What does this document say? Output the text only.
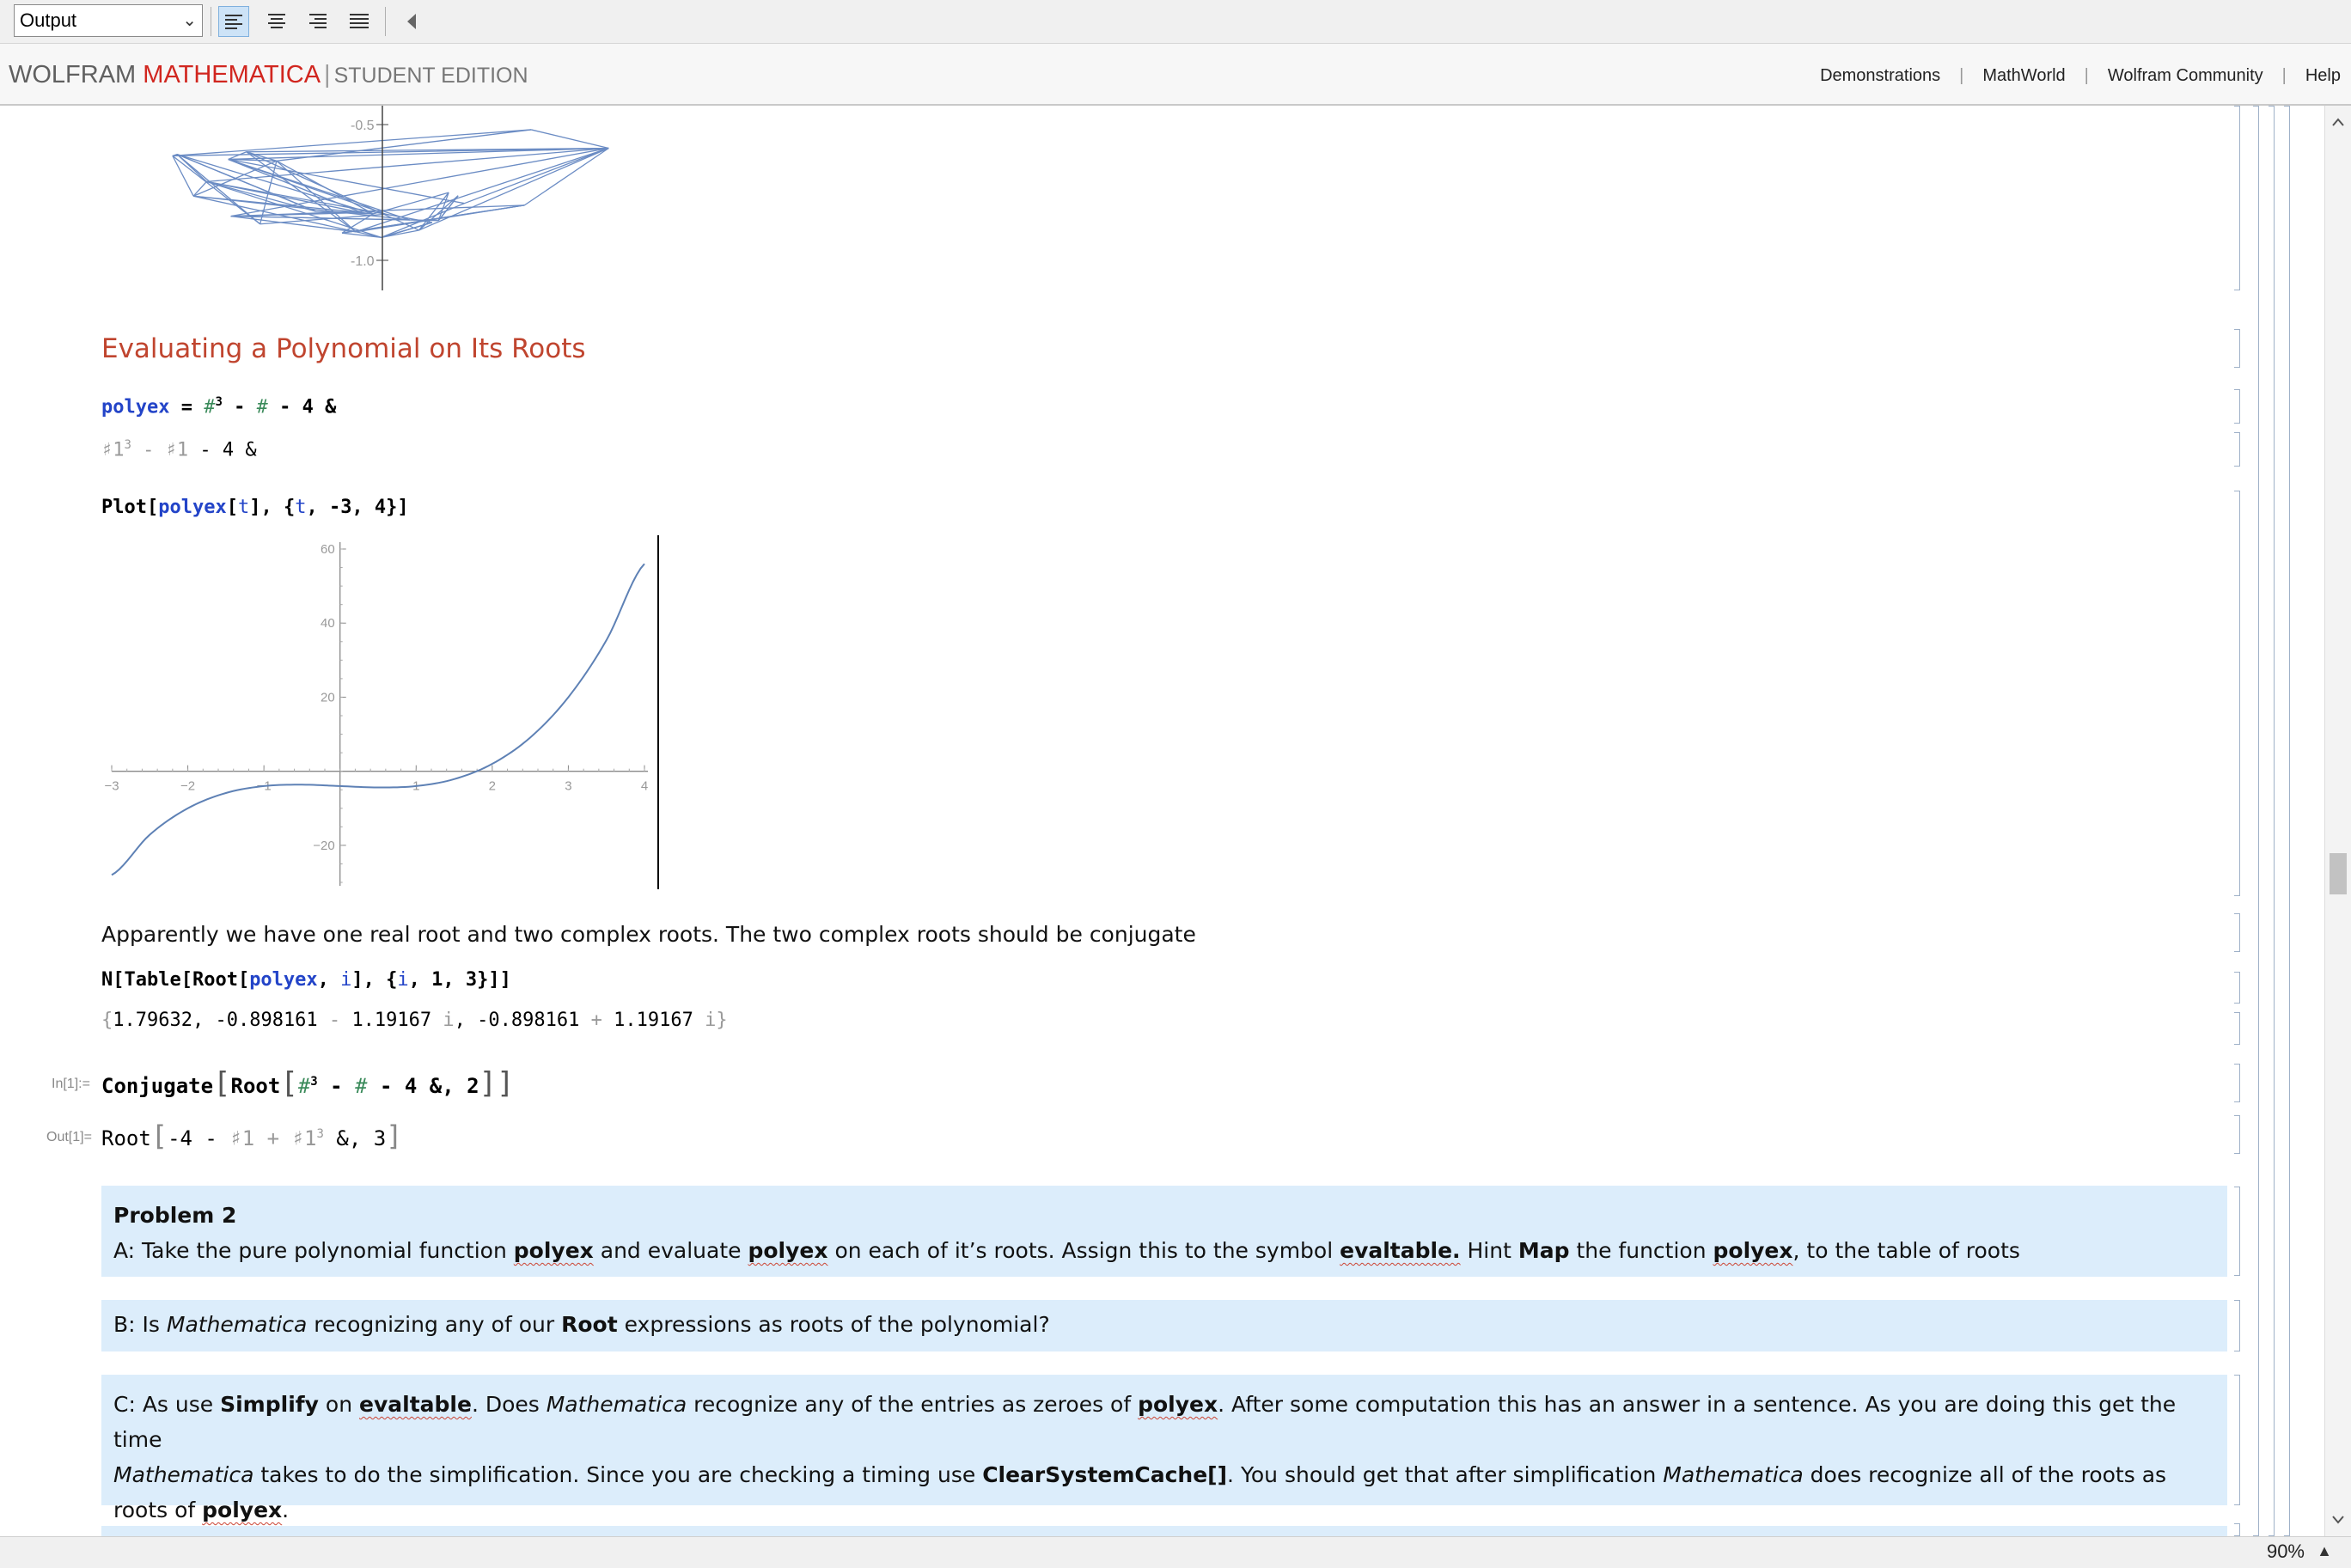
Output	⌄
WOLFRAM MATHEMATICA | STUDENT EDITION	Demonstrations | MathWorld | Wolfram Community | Help
-0.5
-1.0
Evaluating a Polynomial on Its Roots
polyex = #$^3$ - # - 4 &
$♯1^3$ - ♯1 - 4 &
Plot[polyex[t], {t, -3, 4}]
−3	−2	−1	1	2	3	4
60
40
20
−20
Apparently we have one real root and two complex roots. The two complex roots should be conjugate
N[Table[Root[polyex, i], {i, 1, 3}]]
{1.79632, -0.898161 - 1.19167 i, -0.898161 + 1.19167 i}
In[1]:= Conjugate[Root[#$^3$ - # - 4 &, 2]]
Out[1]= Root[-4 - ♯1 + $♯1^3$ &, 3]
Problem 2
A: Take the pure polynomial function polyex and evaluate polyex on each of it’s roots. Assign this to the symbol evaltable. Hint Map the function polyex, to the table of roots
B: Is Mathematica recognizing any of our Root expressions as roots of the polynomial?
C: As use Simplify on evaltable. Does Mathematica recognize any of the entries as zeroes of polyex. After some computation this has an answer in a sentence. As you are doing this get the time
Mathematica takes to do the simplification. Since you are checking a timing use ClearSystemCache[]. You should get that after simplification Mathematica does recognize all of the roots as roots of polyex.

90% ▲
